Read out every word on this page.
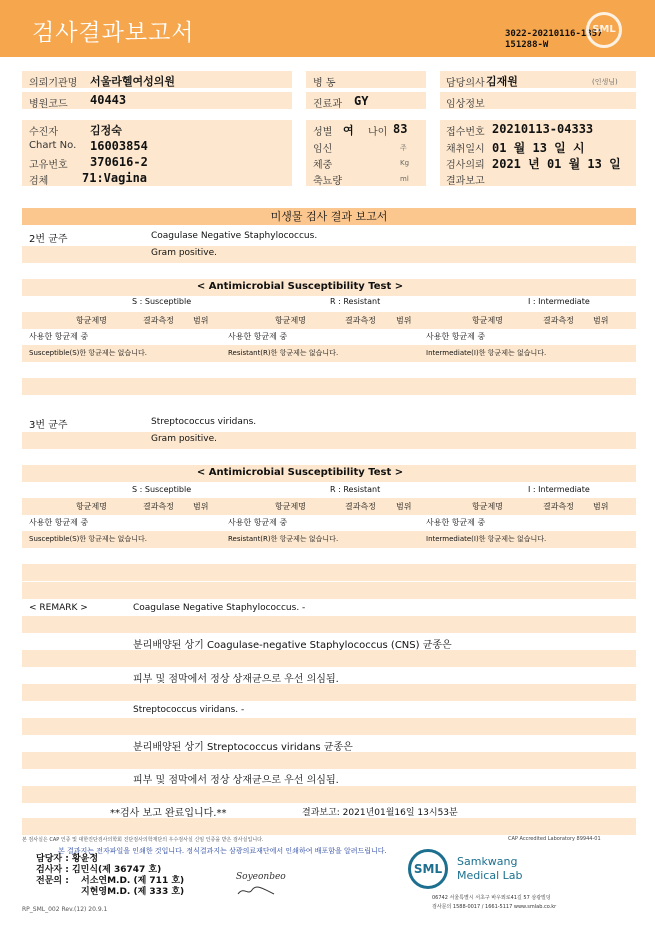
검사결과보고서	3022-20210116-1357
151288-W
SML
의뢰기관명 서울라헬여성의원
병원코드 40443
병 동
진료과 GY
담당의사 김재원	(인생님)
임상정보
수진자	김정숙
Chart No. 16003854
고유번호 370616-2
검체	71:Vagina
성별 여 나이 83
임신	주
체중	Kg
축뇨량	ml
접수번호 20210113-04333
채취일시 01 월 13 일 시
검사의뢰 2021 년 01 월 13 일
결과보고
미생물 검사 결과 보고서
2번 균주	Coagulase Negative Staphylococcus.
Gram positive.
< Antimicrobial Susceptibility Test >
S : Susceptible	R : Resistant	I : Intermediate
항균제명	결과측정 범위	항균제명	결과측정	범위	항균제명	결과측정 범위
사용한 항균제 중	사용한 항균제 중	사용한 항균제 중
Susceptible(S)한 항균제는 없습니다.	Resistant(R)한 항균제는 없습니다.	Intermediate(I)한 항균제는 없습니다.
3번 균주	Streptococcus viridans.
Gram positive.
< Antimicrobial Susceptibility Test >
S : Susceptible	R : Resistant	I : Intermediate
항균제명	결과측정 범위	항균제명	결과측정	범위	항균제명	결과측정 범위
사용한 항균제 중	사용한 항균제 중	사용한 항균제 중
Susceptible(S)한 항균제는 없습니다.	Resistant(R)한 항균제는 없습니다.	Intermediate(I)한 항균제는 없습니다.
< REMARK >	Coagulase Negative Staphylococcus. -
분리배양된 상기 Coagulase-negative Staphylococcus (CNS) 균종은
피부 및 점막에서 정상 상재균으로 우선 의심됨.
Streptococcus viridans. -
분리배양된 상기 Streptococcus viridans 균종은
피부 및 점막에서 정상 상재균으로 우선 의심됨.
**검사 보고 완료입니다.**	결과보고: 2021년01월16일 13시53분
본 검사실은 CAP 인증 및 대한진단검사의학회 진단검사의학재단의 우수검사실 신임 인증을 받은 검사실입니다.	CAP Accredited Laboratory 89944-01
본 결과지는 전자파일을 인쇄한 것입니다. 정식결과지는 삼광의료재단에서 인쇄하여 배포함을 알려드립니다.
담당자 : 황윤정
검사자 : 김민식(제 36747 호)
전문의 : 서소연M.D. (제 711 호)
지현영M.D. (제 333 호)
Soyeonbeo
SML
Samkwang
Medical Lab
06742 서울특별시 서초구 바우뫼로41길 57 삼광빌딩
검사문의 1588-0017 / 1661-5117 www.smlab.co.kr
RP_SML_002 Rev.(12) 20.9.1
